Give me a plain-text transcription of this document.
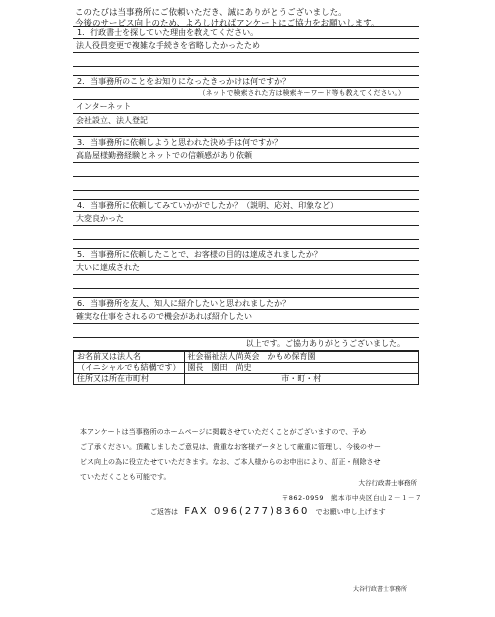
このたびは当事務所にご依頼いただき、誠にありがとうございました。
今後のサービス向上のため、よろしければアンケートにご協力をお願いします。
1．行政書士を探していた理由を教えてください。
法人役員変更で複雑な手続きを省略したかったため
2．当事務所のことをお知りになったきっかけは何ですか？
（ネットで検索された方は検索キーワード等も教えてください。）
インターネット
会社設立、法人登記
3．当事務所に依頼しようと思われた決め手は何ですか？
高島屋様勤務経験とネットでの信頼感があり依頼
4．当事務所に依頼してみていかがでしたか？（説明、応対、印象など）
大変良かった
5．当事務所に依頼したことで、お客様の目的は達成されましたか？
大いに達成された
6．当事務所を友人、知人に紹介したいと思われましたか？
確実な仕事をされるので機会があれば紹介したい
以上です。ご協力ありがとうございました。
お名前又は法人名	社会福祉法人尚英会　かもめ保育園
（イニシャルでも結構です）	園長　園田　尚史
住所又は所在市町村	市・町・村
本アンケートは当事務所のホームページに掲載させていただくことがございますので、予め
ご了承ください。頂戴しましたご意見は、貴重なお客様データとして厳重に管理し、今後のサー
ビス向上の為に役立たせていただきます。なお、ご本人様からのお申出により、訂正・削除させ
ていただくことも可能です。
大谷行政書士事務所
〒862-0959　熊本市中央区白山２－１－７
ご返答は FAX 096(277)8360 でお願い申し上げます
大谷行政書士事務所
